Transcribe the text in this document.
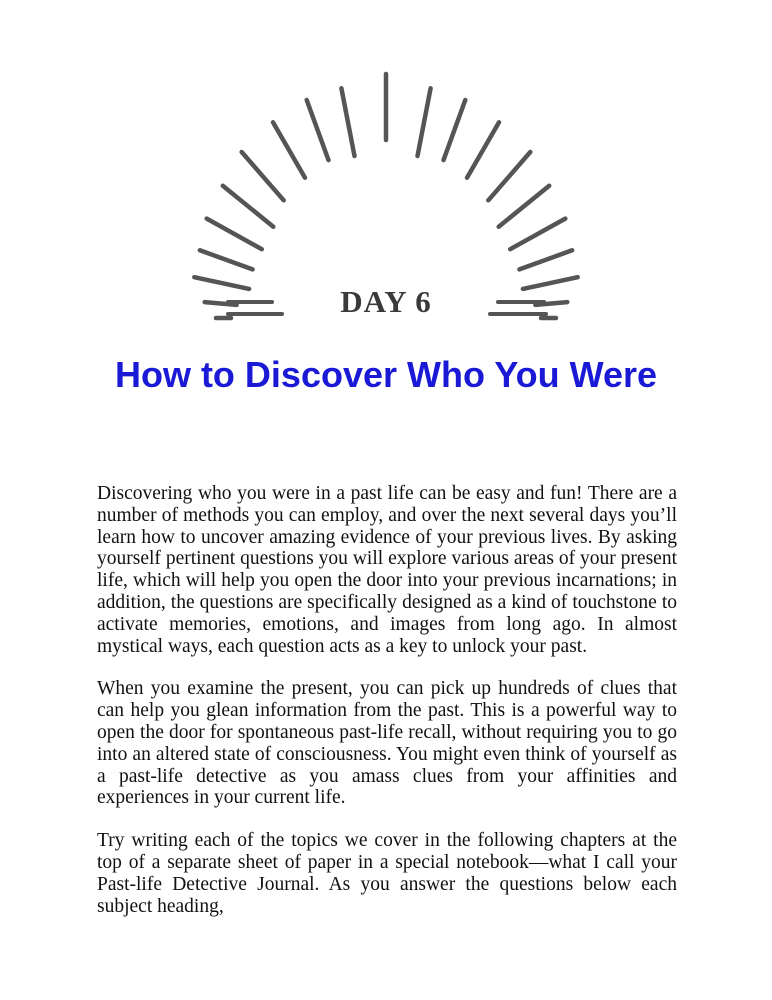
DAY 6
How to Discover Who You Were

Discovering who you were in a past life can be easy and fun! There are a number of methods you can employ, and over the next several days you’ll learn how to uncover amazing evidence of your previous lives. By asking yourself pertinent questions you will explore various areas of your present life, which will help you open the door into your previous incarnations; in addition, the questions are specifically designed as a kind of touchstone to activate memories, emotions, and images from long ago. In almost mystical ways, each question acts as a key to unlock your past.

When you examine the present, you can pick up hundreds of clues that can help you glean information from the past. This is a powerful way to open the door for spontaneous past-life recall, without requiring you to go into an altered state of consciousness. You might even think of yourself as a past-life detective as you amass clues from your affinities and experiences in your current life.

Try writing each of the topics we cover in the following chapters at the top of a separate sheet of paper in a special notebook—what I call your Past-life Detective Journal. As you answer the questions below each subject heading,
